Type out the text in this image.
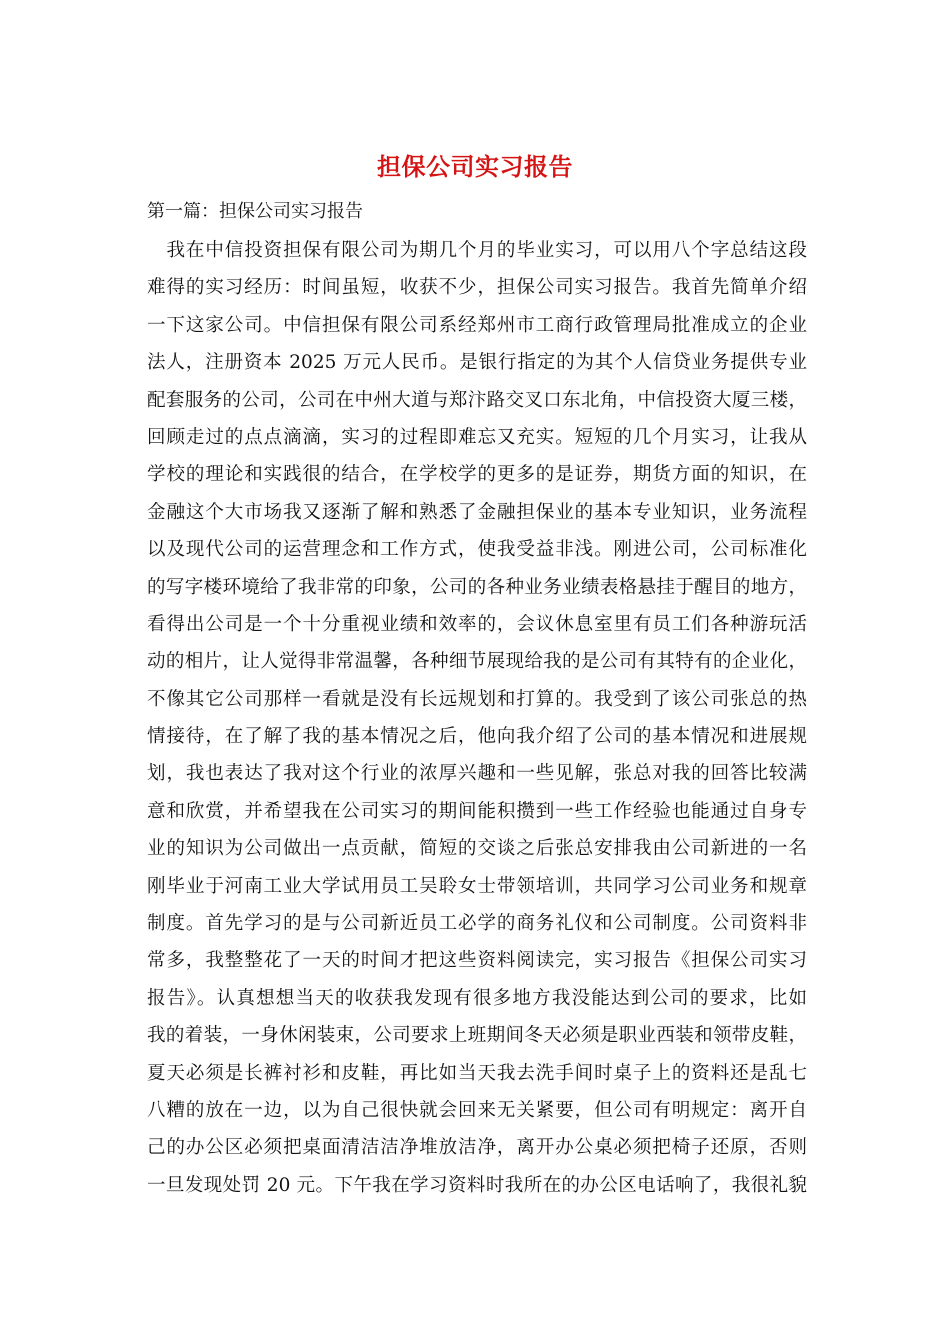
担保公司实习报告
第一篇：担保公司实习报告
　我在中信投资担保有限公司为期几个月的毕业实习，可以用八个字总结这段
难得的实习经历：时间虽短，收获不少，担保公司实习报告。我首先简单介绍
一下这家公司。中信担保有限公司系经郑州市工商行政管理局批准成立的企业
法人，注册资本 2025 万元人民币。是银行指定的为其个人信贷业务提供专业
配套服务的公司，公司在中州大道与郑汴路交叉口东北角，中信投资大厦三楼，
回顾走过的点点滴滴，实习的过程即难忘又充实。短短的几个月实习，让我从
学校的理论和实践很的结合，在学校学的更多的是证券，期货方面的知识，在
金融这个大市场我又逐渐了解和熟悉了金融担保业的基本专业知识，业务流程
以及现代公司的运营理念和工作方式，使我受益非浅。刚进公司，公司标准化
的写字楼环境给了我非常的印象，公司的各种业务业绩表格悬挂于醒目的地方，
看得出公司是一个十分重视业绩和效率的，会议休息室里有员工们各种游玩活
动的相片，让人觉得非常温馨，各种细节展现给我的是公司有其特有的企业化，
不像其它公司那样一看就是没有长远规划和打算的。我受到了该公司张总的热
情接待，在了解了我的基本情况之后，他向我介绍了公司的基本情况和进展规
划，我也表达了我对这个行业的浓厚兴趣和一些见解，张总对我的回答比较满
意和欣赏，并希望我在公司实习的期间能积攒到一些工作经验也能通过自身专
业的知识为公司做出一点贡献，简短的交谈之后张总安排我由公司新进的一名
刚毕业于河南工业大学试用员工吴聆女士带领培训，共同学习公司业务和规章
制度。首先学习的是与公司新近员工必学的商务礼仪和公司制度。公司资料非
常多，我整整花了一天的时间才把这些资料阅读完，实习报告《担保公司实习
报告》。认真想想当天的收获我发现有很多地方我没能达到公司的要求，比如
我的着装，一身休闲装束，公司要求上班期间冬天必须是职业西装和领带皮鞋，
夏天必须是长裤衬衫和皮鞋，再比如当天我去洗手间时桌子上的资料还是乱七
八糟的放在一边，以为自己很快就会回来无关紧要，但公司有明规定：离开自
己的办公区必须把桌面清洁洁净堆放洁净，离开办公桌必须把椅子还原，否则
一旦发现处罚 20 元。下午我在学习资料时我所在的办公区电话响了，我很礼貌
